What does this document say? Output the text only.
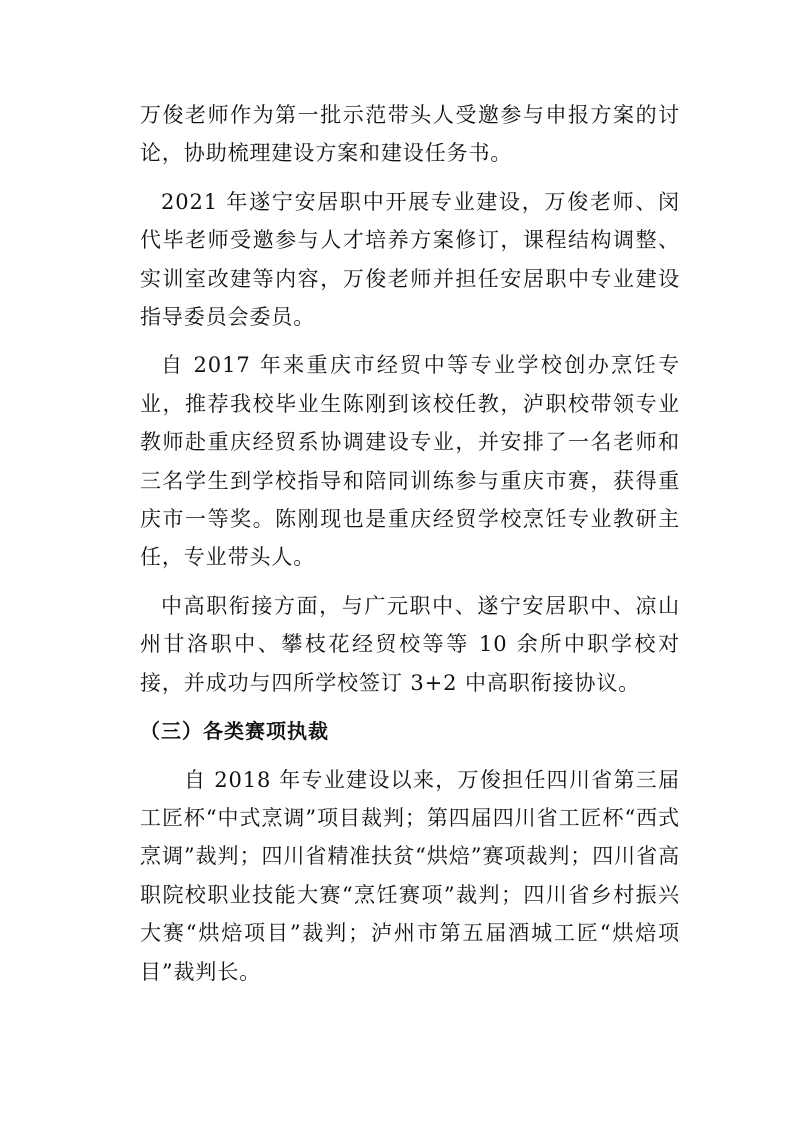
万俊老师作为第一批示范带头人受邀参与申报方案的讨论，协助梳理建设方案和建设任务书。

2021 年遂宁安居职中开展专业建设，万俊老师、闵代毕老师受邀参与人才培养方案修订，课程结构调整、实训室改建等内容，万俊老师并担任安居职中专业建设指导委员会委员。

自 2017 年来重庆市经贸中等专业学校创办烹饪专业，推荐我校毕业生陈刚到该校任教，泸职校带领专业教师赴重庆经贸系协调建设专业，并安排了一名老师和三名学生到学校指导和陪同训练参与重庆市赛，获得重庆市一等奖。陈刚现也是重庆经贸学校烹饪专业教研主任，专业带头人。

中高职衔接方面，与广元职中、遂宁安居职中、凉山州甘洛职中、攀枝花经贸校等等 10 余所中职学校对接，并成功与四所学校签订 3+2 中高职衔接协议。

（三）各类赛项执裁

自 2018 年专业建设以来，万俊担任四川省第三届工匠杯“中式烹调”项目裁判；第四届四川省工匠杯“西式烹调”裁判；四川省精准扶贫“烘焙”赛项裁判；四川省高职院校职业技能大赛“烹饪赛项”裁判；四川省乡村振兴大赛“烘焙项目”裁判；泸州市第五届酒城工匠“烘焙项目”裁判长。
